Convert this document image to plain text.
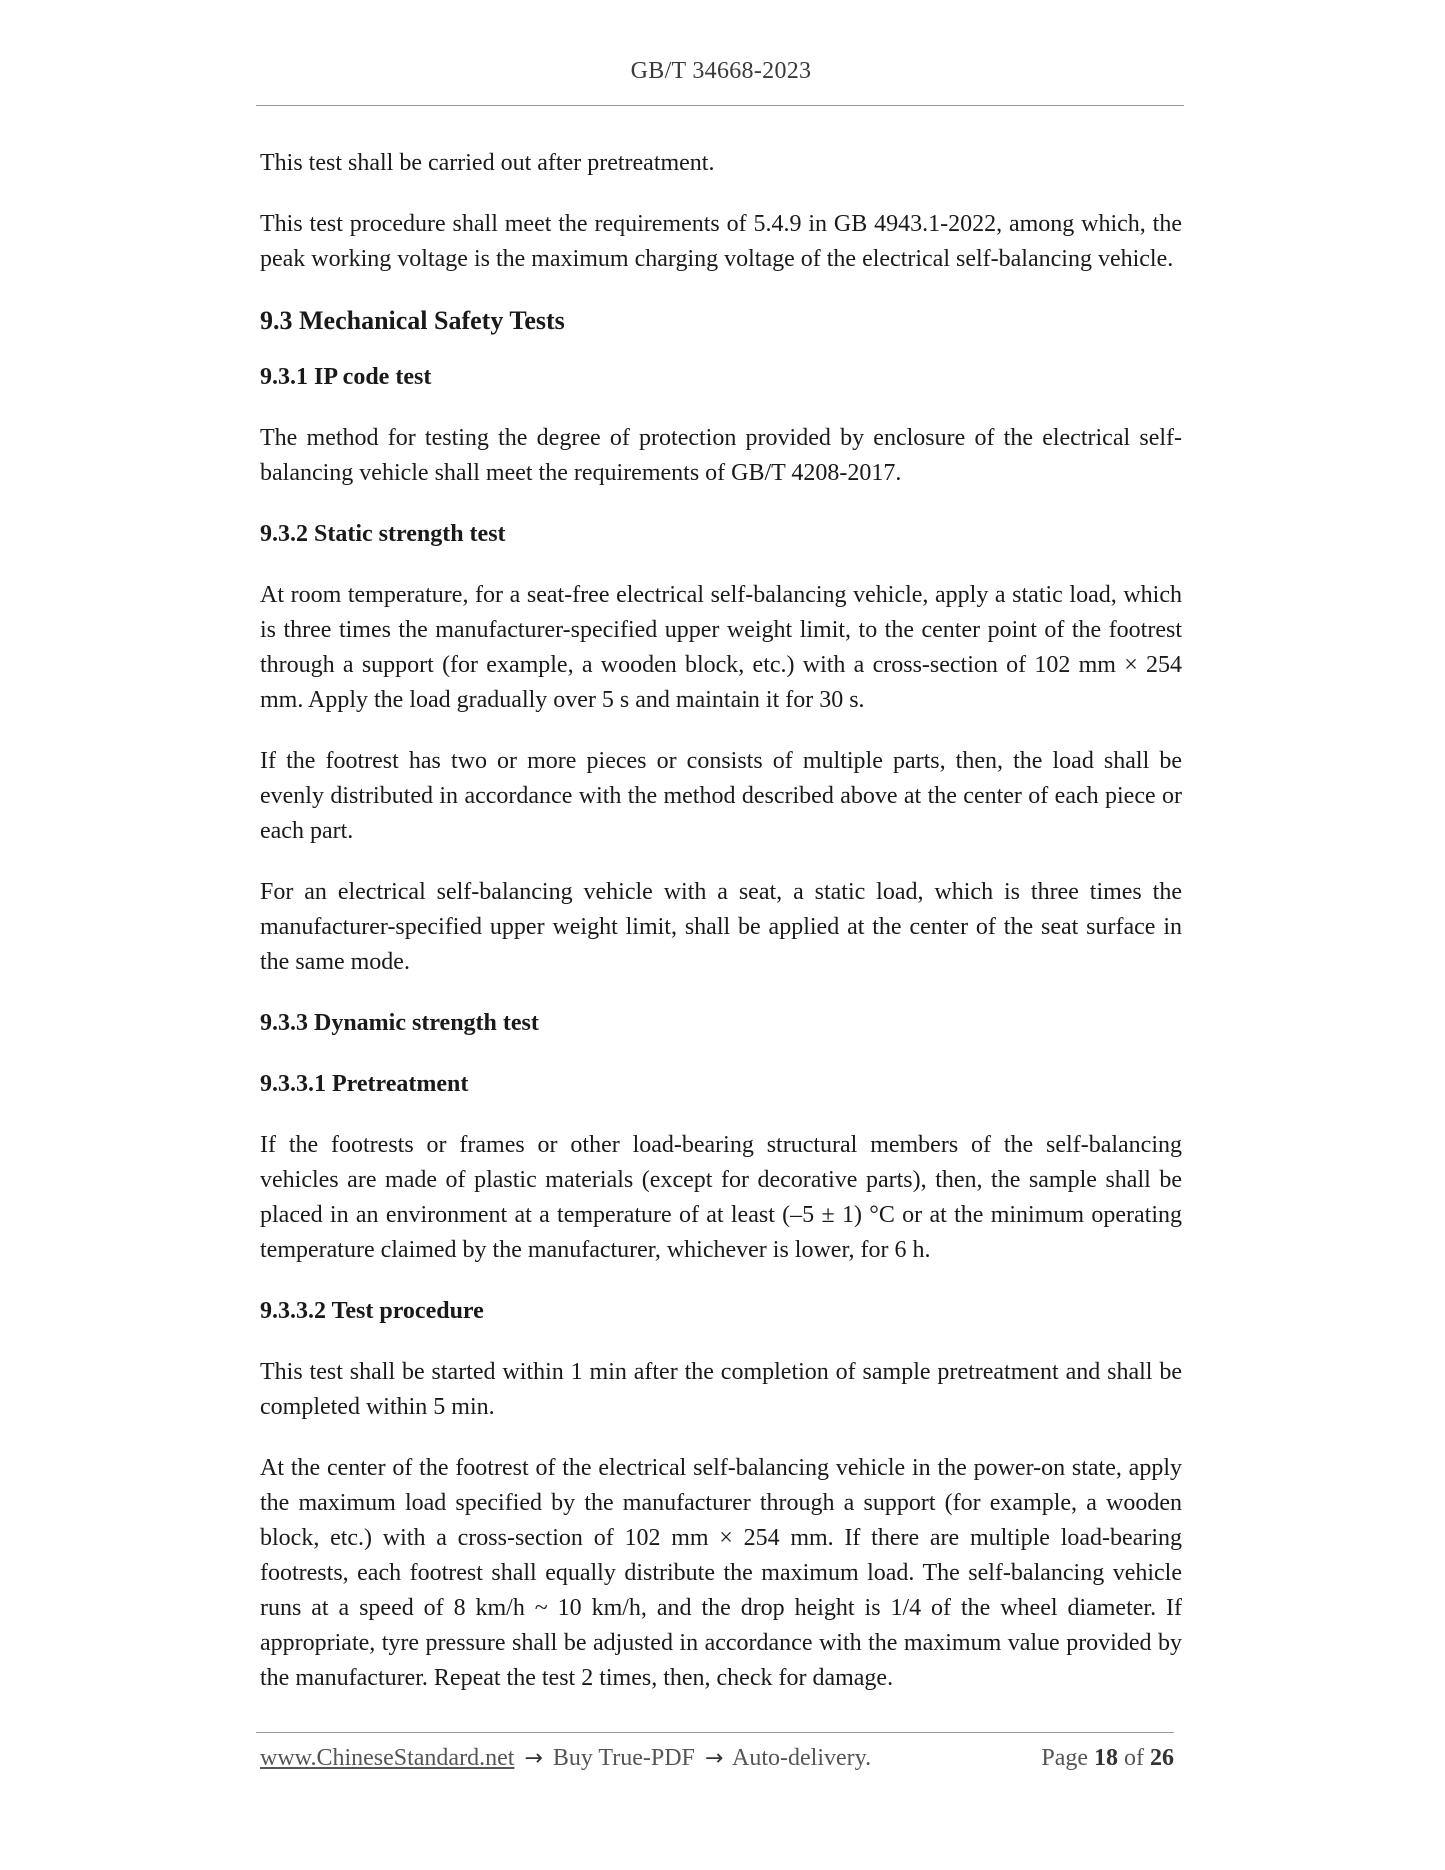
GB/T 34668-2023

This test shall be carried out after pretreatment.

This test procedure shall meet the requirements of 5.4.9 in GB 4943.1-2022, among which, the peak working voltage is the maximum charging voltage of the electrical self-balancing vehicle.

9.3 Mechanical Safety Tests
9.3.1 IP code test

The method for testing the degree of protection provided by enclosure of the electrical self-balancing vehicle shall meet the requirements of GB/T 4208-2017.

9.3.2 Static strength test

At room temperature, for a seat-free electrical self-balancing vehicle, apply a static load, which is three times the manufacturer-specified upper weight limit, to the center point of the footrest through a support (for example, a wooden block, etc.) with a cross-section of 102 mm × 254 mm. Apply the load gradually over 5 s and maintain it for 30 s.

If the footrest has two or more pieces or consists of multiple parts, then, the load shall be evenly distributed in accordance with the method described above at the center of each piece or each part.

For an electrical self-balancing vehicle with a seat, a static load, which is three times the manufacturer-specified upper weight limit, shall be applied at the center of the seat surface in the same mode.

9.3.3 Dynamic strength test
9.3.3.1 Pretreatment

If the footrests or frames or other load-bearing structural members of the self-balancing vehicles are made of plastic materials (except for decorative parts), then, the sample shall be placed in an environment at a temperature of at least (–5 ± 1) °C or at the minimum operating temperature claimed by the manufacturer, whichever is lower, for 6 h.

9.3.3.2 Test procedure

This test shall be started within 1 min after the completion of sample pretreatment and shall be completed within 5 min.

At the center of the footrest of the electrical self-balancing vehicle in the power-on state, apply the maximum load specified by the manufacturer through a support (for example, a wooden block, etc.) with a cross-section of 102 mm × 254 mm. If there are multiple load-bearing footrests, each footrest shall equally distribute the maximum load. The self-balancing vehicle runs at a speed of 8 km/h ~ 10 km/h, and the drop height is 1/4 of the wheel diameter. If appropriate, tyre pressure shall be adjusted in accordance with the maximum value provided by the manufacturer. Repeat the test 2 times, then, check for damage.

www.ChineseStandard.net → Buy True-PDF → Auto-delivery.	Page 18 of 26
